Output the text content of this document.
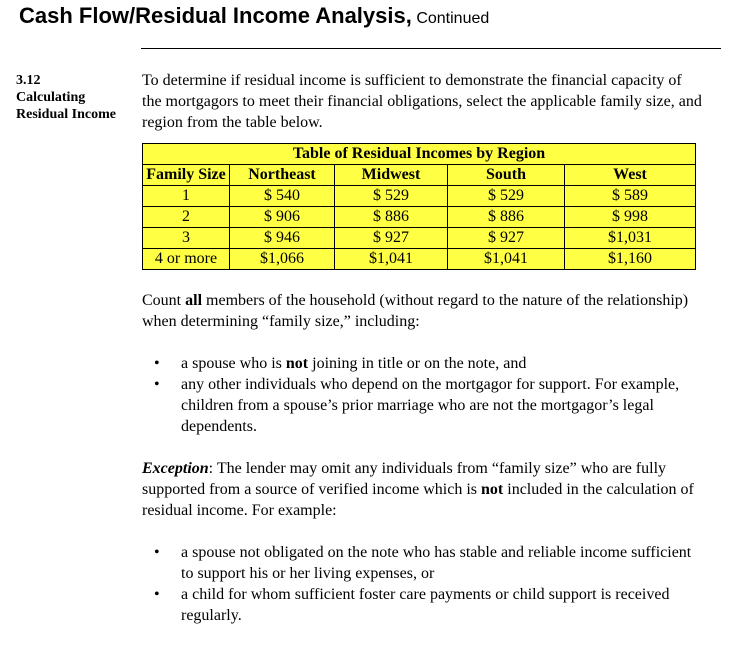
Cash Flow/Residual Income Analysis, Continued
3.12
Calculating
Residual Income

To determine if residual income is sufficient to demonstrate the financial capacity of the mortgagors to meet their financial obligations, select the applicable family size, and region from the table below.

Table of Residual Incomes by Region				
Family Size	Northeast	Midwest	South	West
1	$ 540	$ 529	$ 529	$ 589
2	$ 906	$ 886	$ 886	$ 998
3	$ 946	$ 927	$ 927	$1,031
4 or more	$1,066	$1,041	$1,041	$1,160

Count all members of the household (without regard to the nature of the relationship) when determining “family size,” including:

• a spouse who is not joining in title or on the note, and
• any other individuals who depend on the mortgagor for support. For example, children from a spouse’s prior marriage who are not the mortgagor’s legal dependents.

Exception: The lender may omit any individuals from “family size” who are fully supported from a source of verified income which is not included in the calculation of residual income. For example:

• a spouse not obligated on the note who has stable and reliable income sufficient to support his or her living expenses, or
• a child for whom sufficient foster care payments or child support is received regularly.
